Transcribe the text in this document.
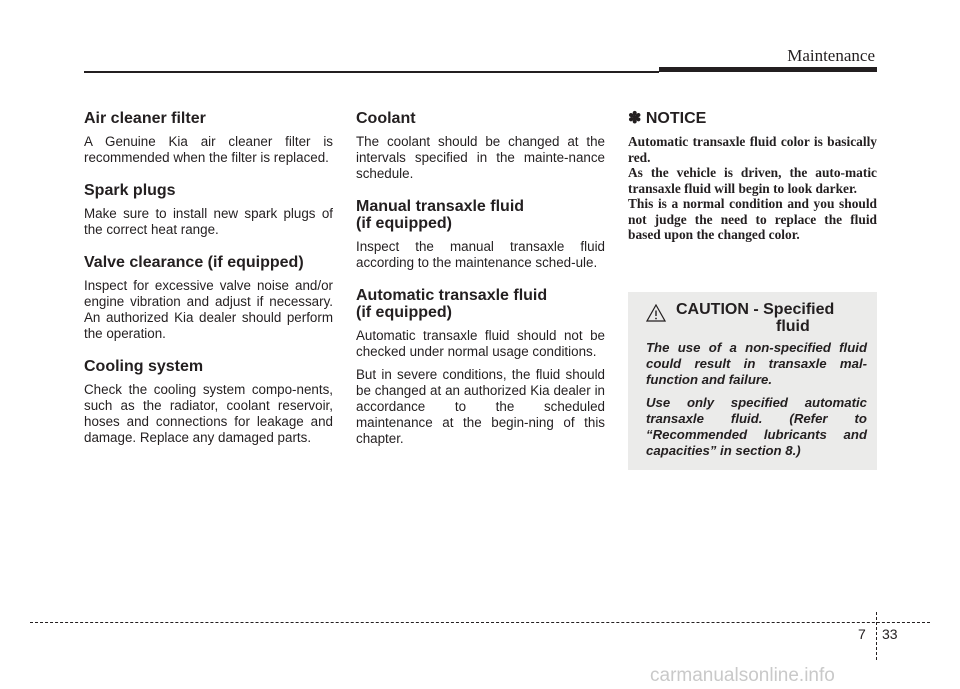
Maintenance
Air cleaner filter

A Genuine Kia air cleaner filter is recommended when the filter is replaced.

Spark plugs

Make sure to install new spark plugs of the correct heat range.

Valve clearance (if equipped)

Inspect for excessive valve noise and/or engine vibration and adjust if necessary. An authorized Kia dealer should perform the operation.

Cooling system

Check the cooling system compo-nents, such as the radiator, coolant reservoir, hoses and connections for leakage and damage. Replace any damaged parts.

Coolant

The coolant should be changed at the intervals specified in the mainte-nance schedule.

Manual transaxle fluid
(if equipped)

Inspect the manual transaxle fluid according to the maintenance sched-ule.

Automatic transaxle fluid
(if equipped)

Automatic transaxle fluid should not be checked under normal usage conditions.

But in severe conditions, the fluid should be changed at an authorized Kia dealer in accordance to the scheduled maintenance at the begin-ning of this chapter.

✽ NOTICE

Automatic transaxle fluid color is basically red.

As the vehicle is driven, the auto-matic transaxle fluid will begin to look darker.

This is a normal condition and you should not judge the need to replace the fluid based upon the changed color.

CAUTION - Specified
fluid

The use of a non-specified fluid could result in transaxle mal-function and failure.

Use only specified automatic transaxle fluid. (Refer to “Recommended lubricants and capacities” in section 8.)

7 33
carmanualsonline.info
